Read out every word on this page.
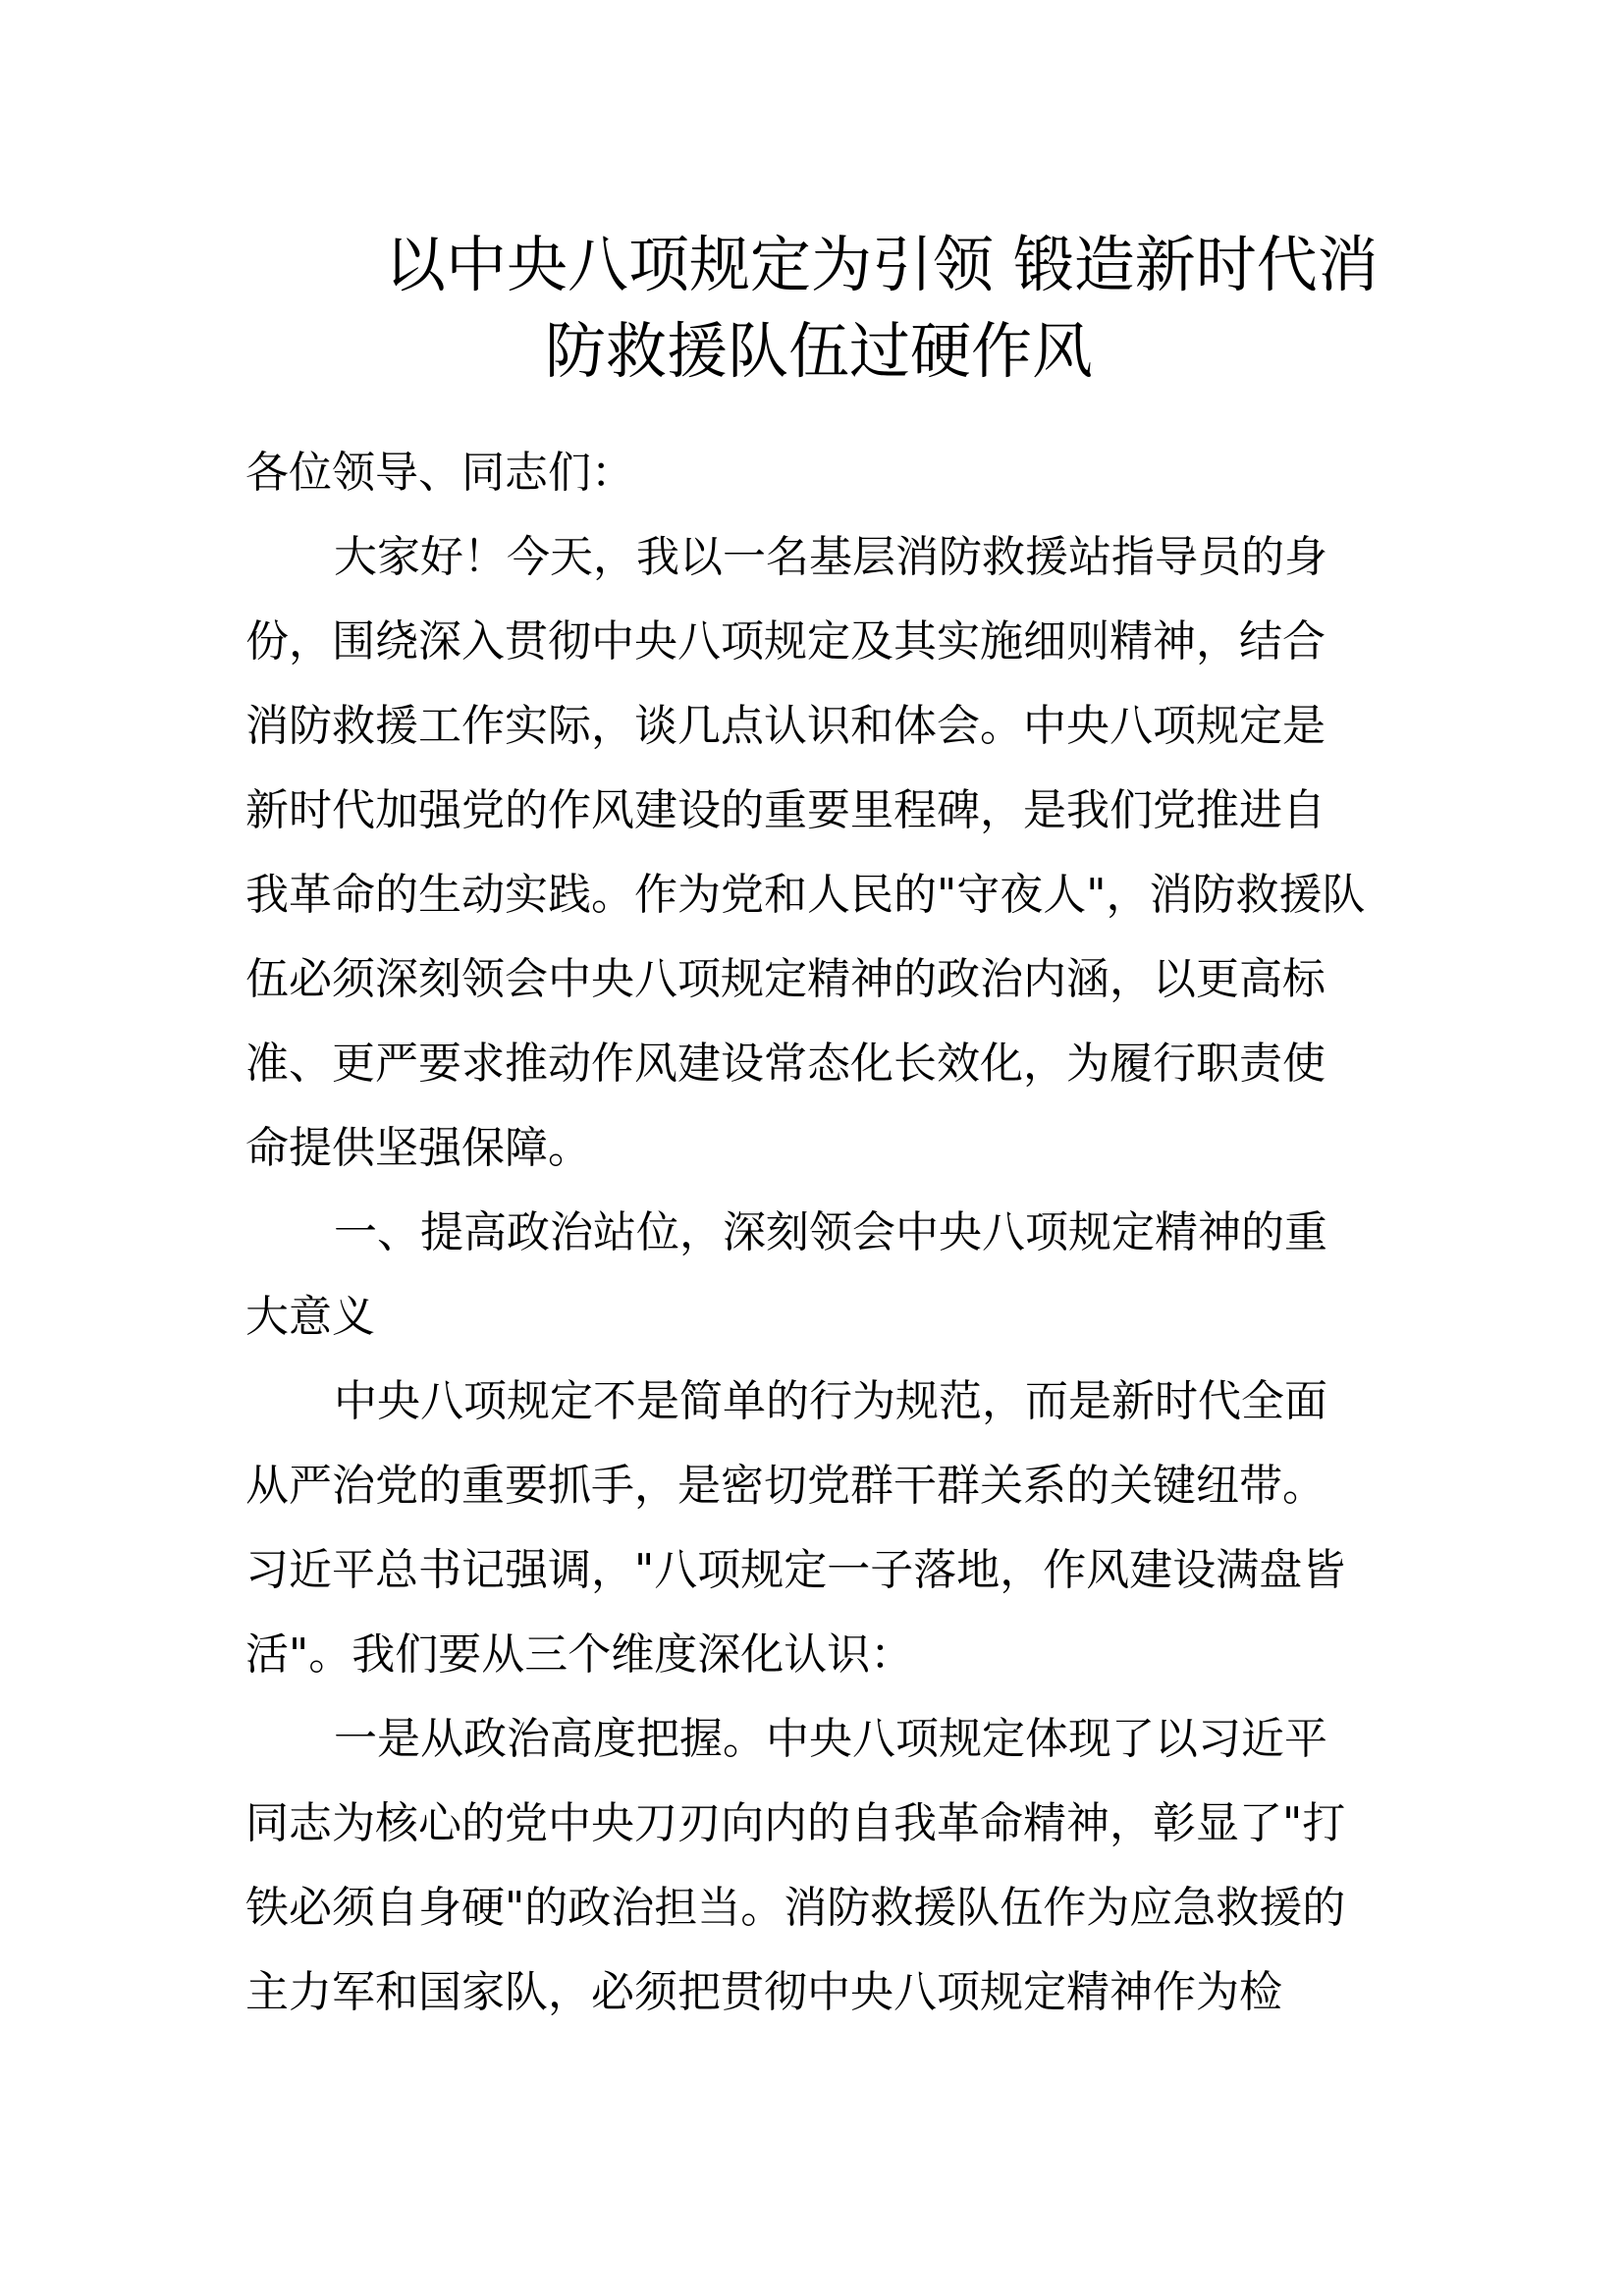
以中央八项规定为引领 锻造新时代消
防救援队伍过硬作风
各位领导、同志们：
大家好！今天，我以一名基层消防救援站指导员的身
份，围绕深入贯彻中央八项规定及其实施细则精神，结合
消防救援工作实际，谈几点认识和体会。中央八项规定是
新时代加强党的作风建设的重要里程碑，是我们党推进自
我革命的生动实践。作为党和人民的"守夜人"，消防救援队
伍必须深刻领会中央八项规定精神的政治内涵，以更高标
准、更严要求推动作风建设常态化长效化，为履行职责使
命提供坚强保障。
一、提高政治站位，深刻领会中央八项规定精神的重
大意义
中央八项规定不是简单的行为规范，而是新时代全面
从严治党的重要抓手，是密切党群干群关系的关键纽带。
习近平总书记强调，"八项规定一子落地，作风建设满盘皆
活"。我们要从三个维度深化认识：
一是从政治高度把握。中央八项规定体现了以习近平
同志为核心的党中央刀刃向内的自我革命精神，彰显了"打
铁必须自身硬"的政治担当。消防救援队伍作为应急救援的
主力军和国家队，必须把贯彻中央八项规定精神作为检
